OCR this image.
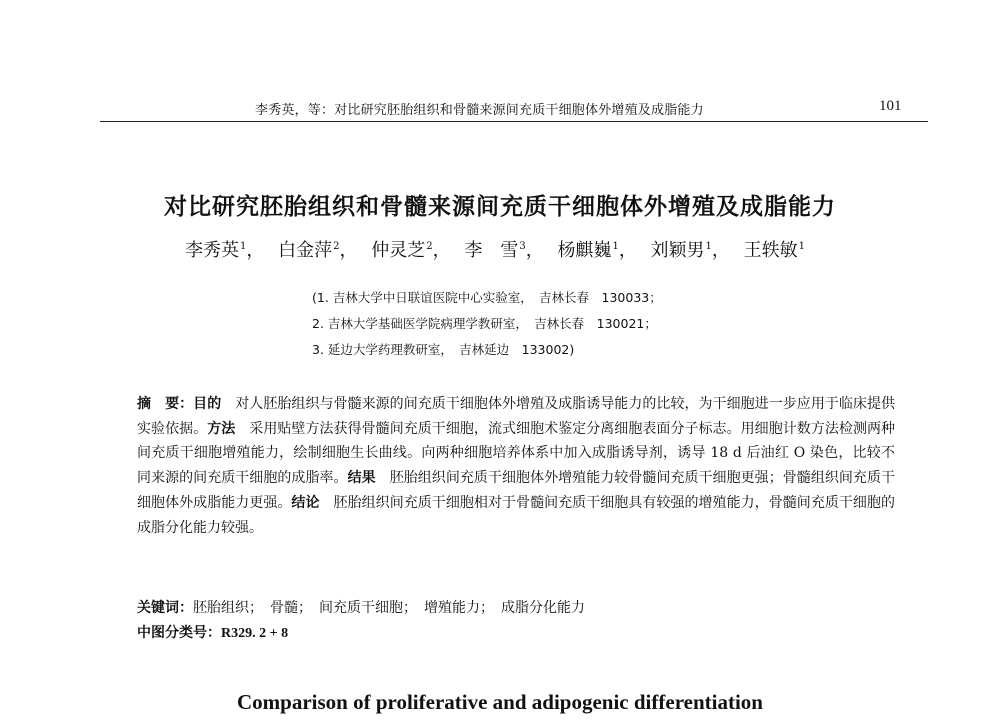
李秀英，等：对比研究胚胎组织和骨髓来源间充质干细胞体外增殖及成脂能力	101
对比研究胚胎组织和骨髓来源间充质干细胞体外增殖及成脂能力
李秀英$^1$， 白金萍$^2$， 仲灵芝$^2$， 李　雪$^3$， 杨麒巍$^1$， 刘颖男$^1$， 王轶敏$^1$
(1. 吉林大学中日联谊医院中心实验室，　吉林长春　130033；
2. 吉林大学基础医学院病理学教研室，　吉林长春　130021；
3. 延边大学药理教研室，　吉林延边　133002)
摘　要：目的　对人胚胎组织与骨髓来源的间充质干细胞体外增殖及成脂诱导能力的比较，为干细胞进一步应用于临床提供实验依据。方法　采用贴壁方法获得骨髓间充质干细胞，流式细胞术鉴定分离细胞表面分子标志。用细胞计数方法检测两种间充质干细胞增殖能力，绘制细胞生长曲线。向两种细胞培养体系中加入成脂诱导剂，诱导 18 d 后油红 O 染色，比较不同来源的间充质干细胞的成脂率。结果　胚胎组织间充质干细胞体外增殖能力较骨髓间充质干细胞更强；骨髓组织间充质干细胞体外成脂能力更强。结论　胚胎组织间充质干细胞相对于骨髓间充质干细胞具有较强的增殖能力，骨髓间充质干细胞的成脂分化能力较强。
关键词：胚胎组织；　骨髓；　间充质干细胞；　增殖能力；　成脂分化能力
中图分类号：R329. 2 + 8
Comparison of proliferative and adipogenic differentiation
